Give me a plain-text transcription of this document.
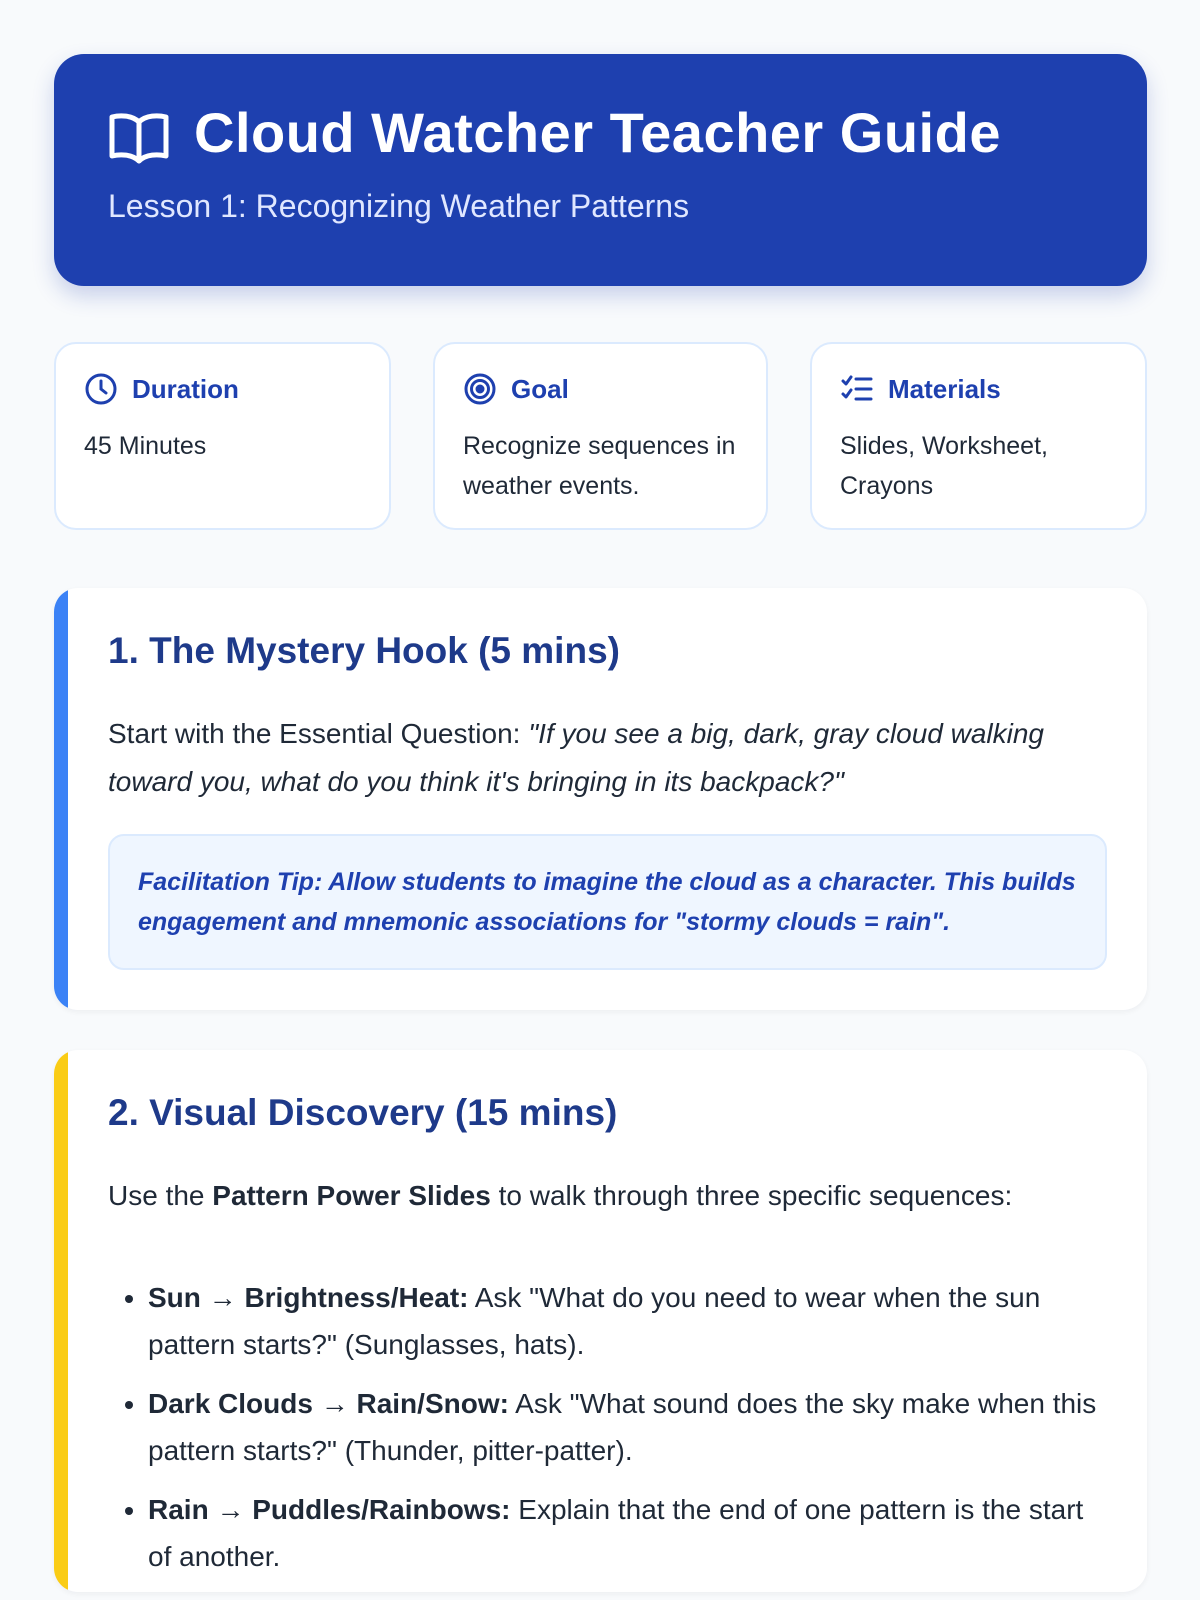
Cloud Watcher Teacher Guide
Lesson 1: Recognizing Weather Patterns
Duration
45 Minutes
Goal
Recognize sequences in weather events.
Materials
Slides, Worksheet, Crayons
1. The Mystery Hook (5 mins)
Start with the Essential Question: "If you see a big, dark, gray cloud walking toward you, what do you think it's bringing in its backpack?"
Facilitation Tip: Allow students to imagine the cloud as a character. This builds engagement and mnemonic associations for "stormy clouds = rain".
2. Visual Discovery (15 mins)
Use the Pattern Power Slides to walk through three specific sequences:
• Sun → Brightness/Heat: Ask "What do you need to wear when the sun pattern starts?" (Sunglasses, hats).
• Dark Clouds → Rain/Snow: Ask "What sound does the sky make when this pattern starts?" (Thunder, pitter-patter).
• Rain → Puddles/Rainbows: Explain that the end of one pattern is the start of another.
